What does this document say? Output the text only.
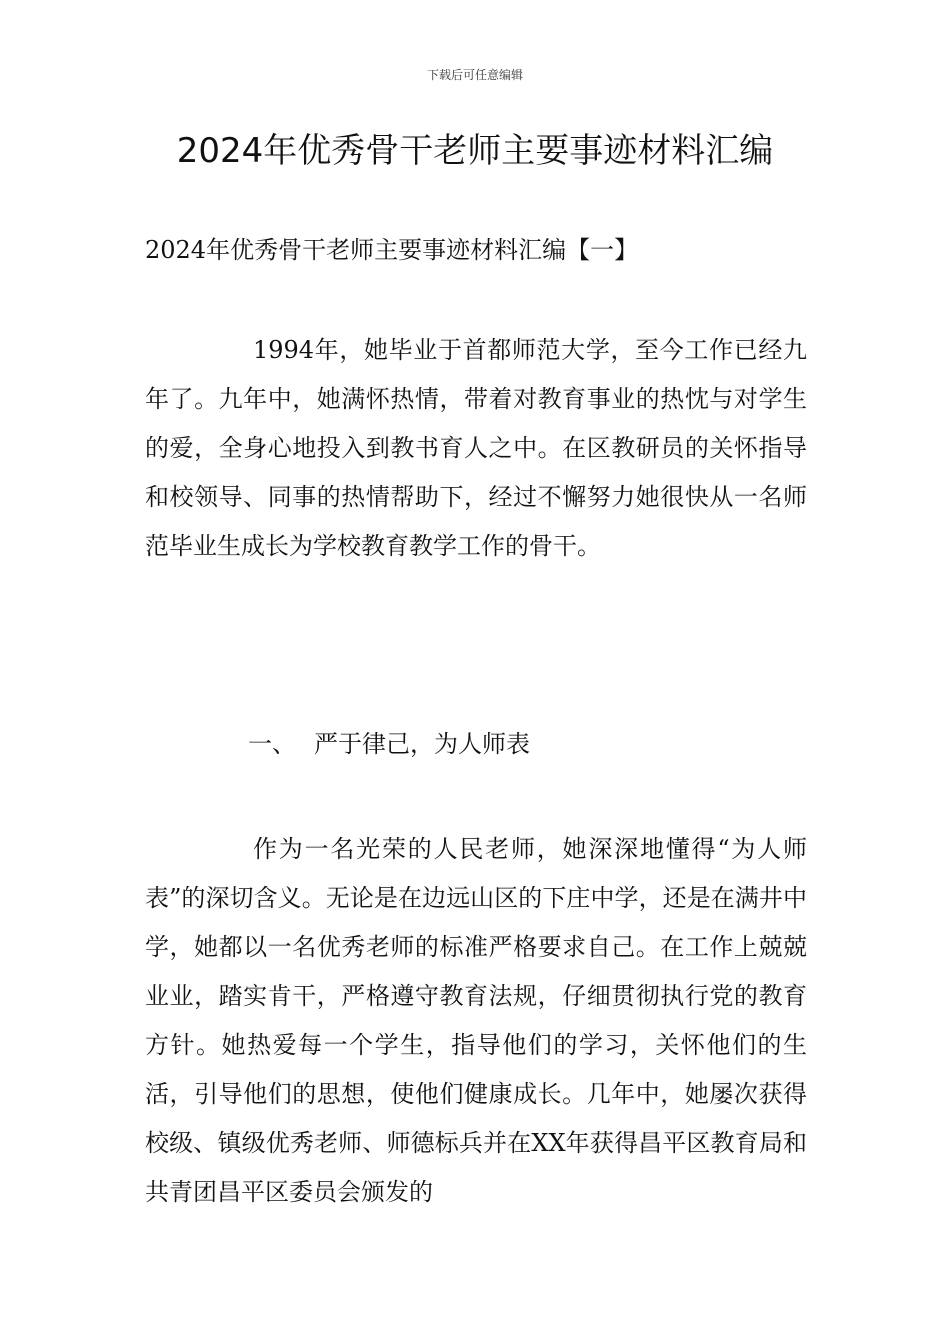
下载后可任意编辑
2024年优秀骨干老师主要事迹材料汇编
2024年优秀骨干老师主要事迹材料汇编【一】

1994年，她毕业于首都师范大学，至今工作已经九年了。九年中，她满怀热情，带着对教育事业的热忱与对学生的爱，全身心地投入到教书育人之中。在区教研员的关怀指导和校领导、同事的热情帮助下，经过不懈努力她很快从一名师范毕业生成长为学校教育教学工作的骨干。

一、 严于律己，为人师表

作为一名光荣的人民老师，她深深地懂得“为人师表”的深切含义。无论是在边远山区的下庄中学，还是在满井中学，她都以一名优秀老师的标准严格要求自己。在工作上兢兢业业，踏实肯干，严格遵守教育法规，仔细贯彻执行党的教育方针。她热爱每一个学生，指导他们的学习，关怀他们的生活，引导他们的思想，使他们健康成长。几年中，她屡次获得校级、镇级优秀老师、师德标兵并在XX年获得昌平区教育局和共青团昌平区委员会颁发的
